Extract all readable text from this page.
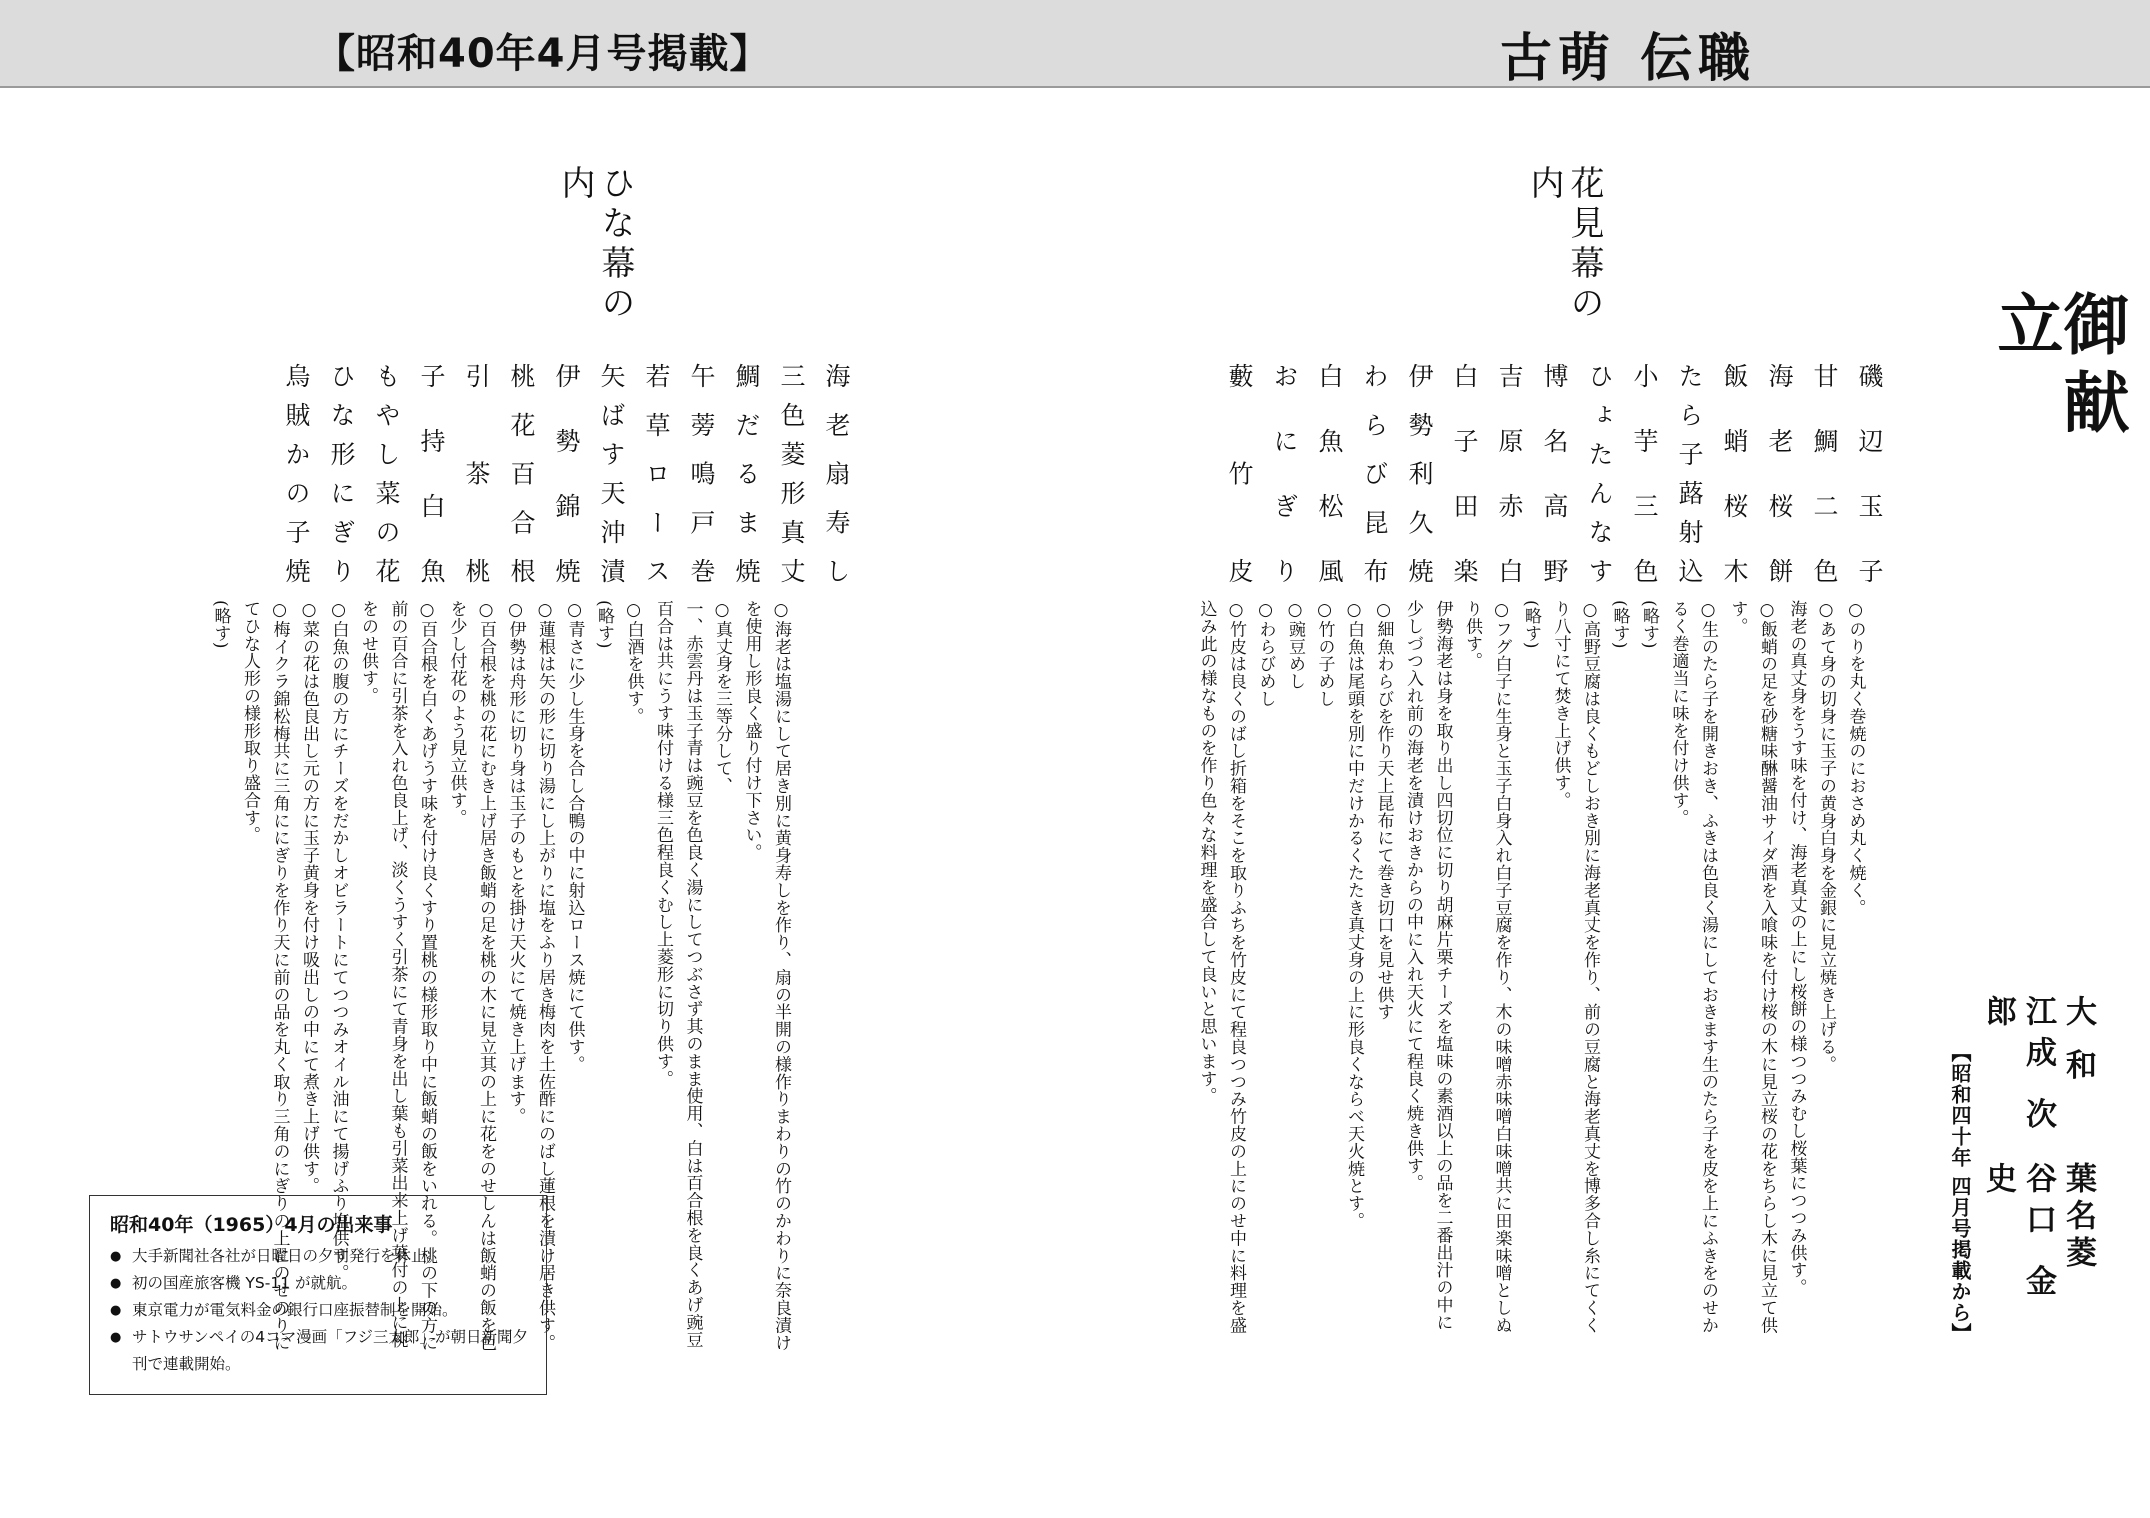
【昭和40年4月号掲載】	古萌 伝職
御献立
大 和
江成 次郎
葉名菱
谷口 金史
【昭和四十年 四月号掲載から】
花見幕の内
磯辺玉子
甘鯛二色
海老桜餅
飯蛸桜木
たら子蕗射込
小芋三色
ひょたんなす
博名高野
吉原赤白
白子田楽
伊勢利久焼
わらび昆布
白魚松風
おにぎり
藪竹皮
○のりを丸く巻焼のにおさめ丸く焼く。
○あて身の切身に玉子の黄身白身を金銀に見立焼き上げる。
海老の真丈身をうす味を付け、海老真丈の上にし桜餅の様つつみむし桜葉につつみ供す。
○飯蛸の足を砂糖味醂醤油サイダ酒を入喰味を付け桜の木に見立桜の花をちらし木に見立て供す。
○生のたら子を開きおき、ふきは色良く湯にしておきます生のたら子を皮を上にふきをのせかるく巻適当に味を付け供す。
(略す)
(略す)
○高野豆腐は良くもどしおき別に海老真丈を作り、前の豆腐と海老真丈を博多合し糸にてくくり八寸にて焚き上げ供す。
(略す)
○フグ白子に生身と玉子白身入れ白子豆腐を作り、木の味噌赤味噌白味噌共に田楽味噌としぬり供す。
伊勢海老は身を取り出し四切位に切り胡麻片栗チーズを塩味の素酒以上の品を二番出汁の中に少しづつ入れ前の海老を漬けおきからの中に入れ天火にて程良く焼き供す。
○細魚わらびを作り天上昆布にて巻き切口を見せ供す
○白魚は尾頭を別に中だけかるくたたき真丈身の上に形良くならべ天火焼とす。
○竹の子めし
○豌豆めし
○わらびめし
○竹皮は良くのばし折箱をそこを取りふちを竹皮にて程良つつみ竹皮の上にのせ中に料理を盛込み此の様なものを作り色々な料理を盛合して良いと思います。
ひな幕の内
海老扇寿し
三色菱形真丈
鯛だるま焼
午蒡鳴戸巻
若草ロース
矢ばす天沖漬
伊勢錦焼
桃花百合根
引茶桃
子持白魚
もやし菜の花
ひな形にぎり
烏賊かの子焼
○海老は塩湯にして居き別に黄身寿しを作り、扇の半開の様作りまわりの竹のかわりに奈良漬けを使用し形良く盛り付け下さい。
○真丈身を三等分して、
一、赤雲丹は玉子青は豌豆を色良く湯にしてつぶさず其のまま使用、白は百合根を良くあげ豌豆百合は共にうす味付ける様三色程良くむし上菱形に切り供す。
○白酒を供す。
(略す)
○青さに少し生身を合し合鴨の中に射込ロース焼にて供す。
○蓮根は矢の形に切り湯にし上がりに塩をふり居き梅肉を土佐酢にのばし蓮根を漬け居き供す。
○伊勢は舟形に切り身は玉子のもとを掛け天火にて焼き上げます。
○百合根を桃の花にむき上げ居き飯蛸の足を桃の木に見立其の上に花をのせしんは飯蛸の飯を色を少し付花のよう見立供す。
○百合根を白くあげうす味を付け良くすり置桃の様形取り中に飯蛸の飯をいれる。桃の下の方に前の百合に引茶を入れ色良上げ、淡くうすく引茶にて青身を出し葉も引菜出来上げ葉付の上に桃をのせ供す。
○白魚の腹の方にチーズをだかしオビラートにてつつみオイル油にて揚げふり塩供す。
○菜の花は色良出し元の方に玉子黄身を付け吸出しの中にて煮き上げ供す。
○梅イクラ錦松梅共に三角ににぎりを作り天に前の品を丸く取り三角のにぎりの上にのせのりにてひな人形の様形取り盛合す。
(略す)
昭和40年（1965）4月の出来事
● 大手新聞社各社が日曜日の夕刊発行を休止。
● 初の国産旅客機 YS-11 が就航。
● 東京電力が電気料金の銀行口座振替制を開始。
● サトウサンペイの4コマ漫画「フジ三太郎」が朝日新聞夕刊で連載開始。
